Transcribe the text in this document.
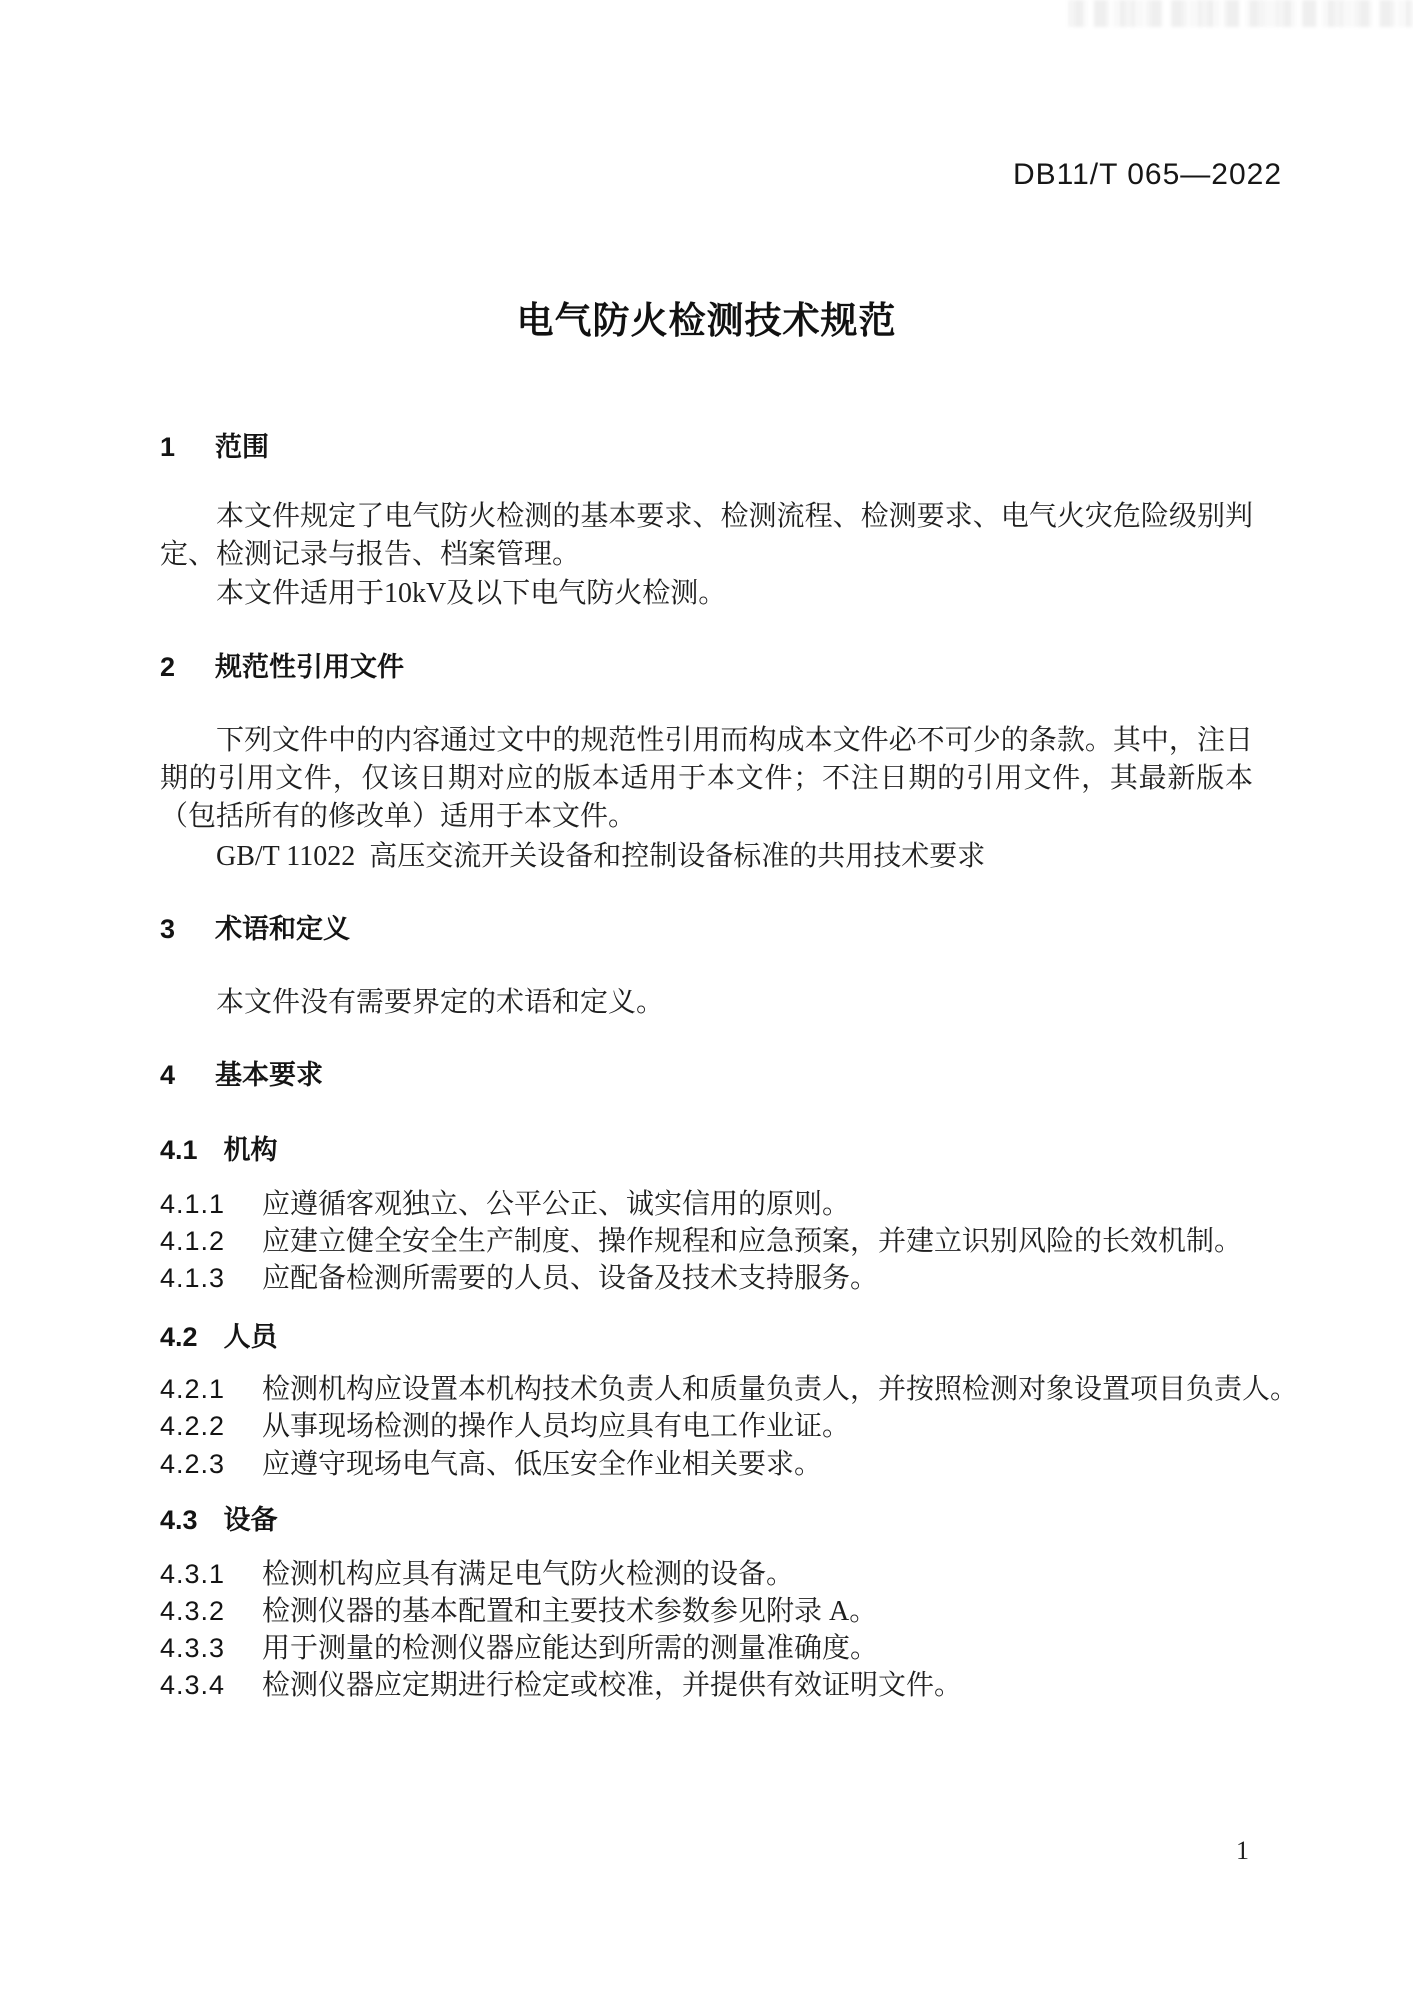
DB11/T 065—2022
电气防火检测技术规范
1 范围
本文件规定了电气防火检测的基本要求、检测流程、检测要求、电气火灾危险级别判定、检测记录与报告、档案管理。
本文件适用于10kV及以下电气防火检测。
2 规范性引用文件
下列文件中的内容通过文中的规范性引用而构成本文件必不可少的条款。其中，注日期的引用文件，仅该日期对应的版本适用于本文件；不注日期的引用文件，其最新版本（包括所有的修改单）适用于本文件。
GB/T 11022  高压交流开关设备和控制设备标准的共用技术要求
3 术语和定义
本文件没有需要界定的术语和定义。
4 基本要求
4.1 机构
4.1.1	应遵循客观独立、公平公正、诚实信用的原则。
4.1.2	应建立健全安全生产制度、操作规程和应急预案，并建立识别风险的长效机制。
4.1.3	应配备检测所需要的人员、设备及技术支持服务。
4.2 人员
4.2.1	检测机构应设置本机构技术负责人和质量负责人，并按照检测对象设置项目负责人。
4.2.2	从事现场检测的操作人员均应具有电工作业证。
4.2.3	应遵守现场电气高、低压安全作业相关要求。
4.3 设备
4.3.1	检测机构应具有满足电气防火检测的设备。
4.3.2	检测仪器的基本配置和主要技术参数参见附录 A。
4.3.3	用于测量的检测仪器应能达到所需的测量准确度。
4.3.4	检测仪器应定期进行检定或校准，并提供有效证明文件。
1
